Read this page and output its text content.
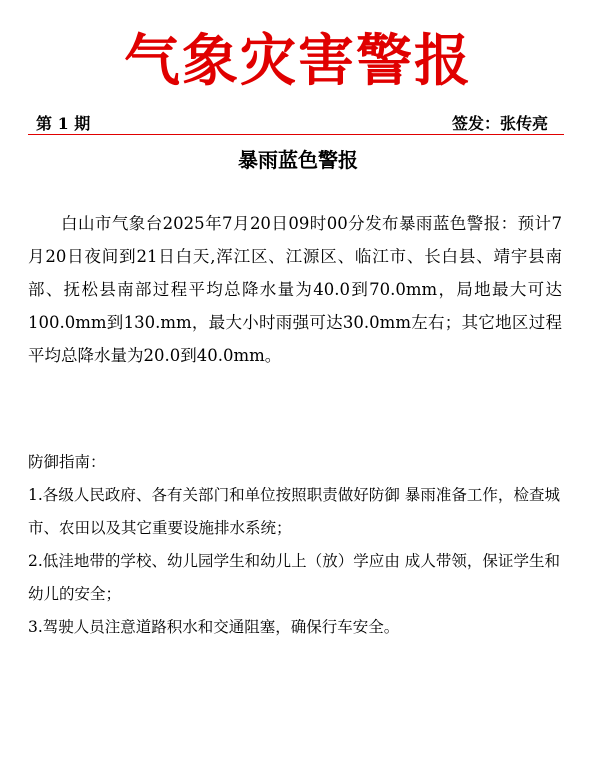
气象灾害警报
第 1 期	签发：张传亮
暴雨蓝色警报

白山市气象台2025年7月20日09时00分发布暴雨蓝色警报：预计7月20日夜间到21日白天,浑江区、江源区、临江市、长白县、靖宇县南部、抚松县南部过程平均总降水量为40.0到70.0mm，局地最大可达100.0mm到130.mm，最大小时雨强可达30.0mm左右；其它地区过程平均总降水量为20.0到40.0mm。

防御指南：

1.各级人民政府、各有关部门和单位按照职责做好防御 暴雨准备工作，检查城市、农田以及其它重要设施排水系统；
2.低洼地带的学校、幼儿园学生和幼儿上（放）学应由 成人带领，保证学生和幼儿的安全；
3.驾驶人员注意道路积水和交通阻塞，确保行车安全。
